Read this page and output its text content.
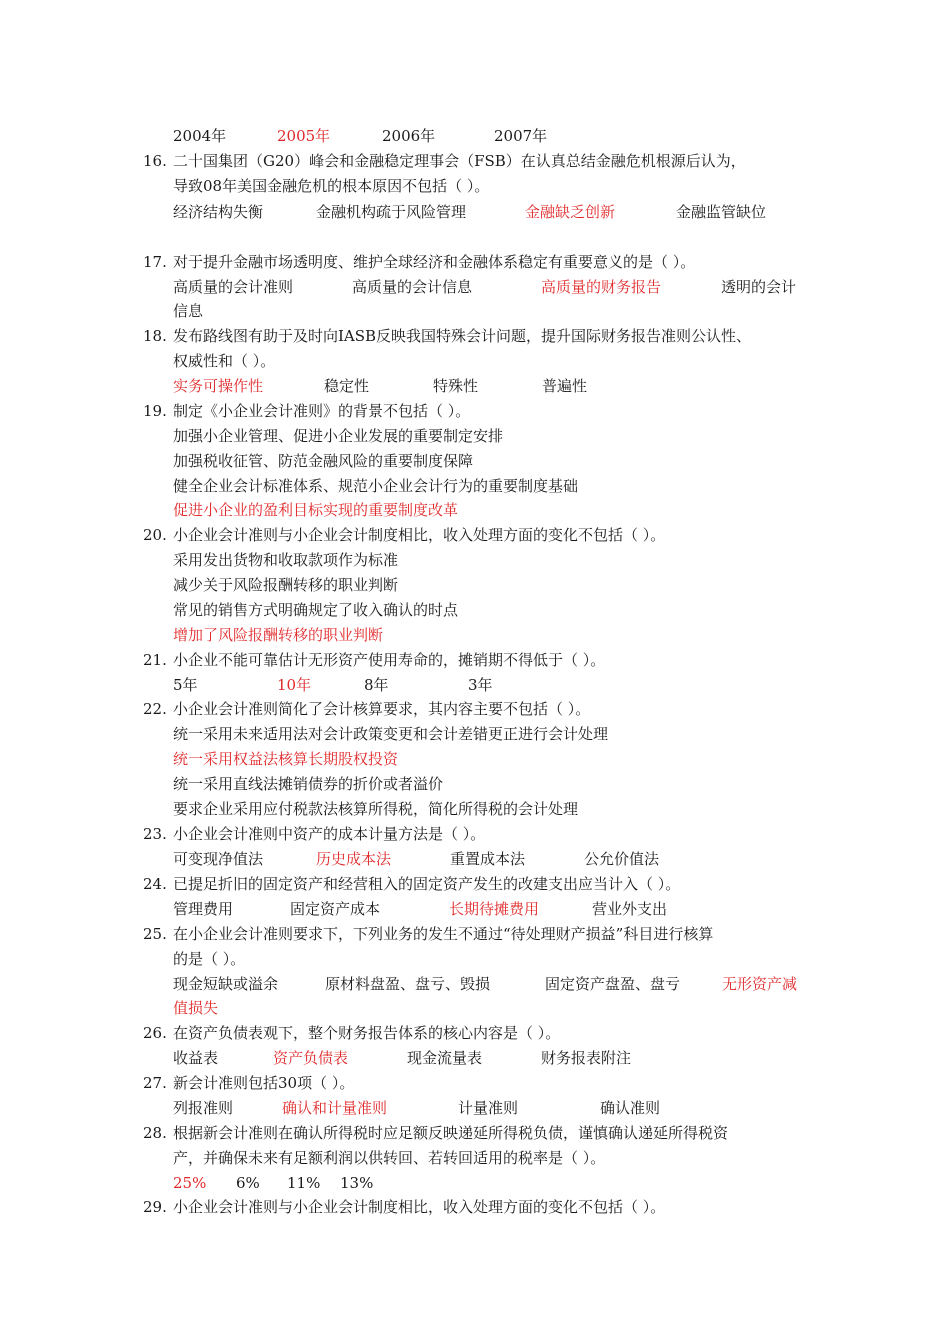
2004年	2005年	2006年	2007年
16. 二十国集团（G20）峰会和金融稳定理事会（FSB）在认真总结金融危机根源后认为，
导致08年美国金融危机的根本原因不包括（ ）。
经济结构失衡	金融机构疏于风险管理	金融缺乏创新	金融监管缺位
17. 对于提升金融市场透明度、维护全球经济和金融体系稳定有重要意义的是（ ）。
高质量的会计准则	高质量的会计信息	高质量的财务报告	透明的会计
信息
18. 发布路线图有助于及时向IASB反映我国特殊会计问题，提升国际财务报告准则公认性、
权威性和（ ）。
实务可操作性	稳定性	特殊性	普遍性
19. 制定《小企业会计准则》的背景不包括（ ）。
加强小企业管理、促进小企业发展的重要制定安排
加强税收征管、防范金融风险的重要制度保障
健全企业会计标准体系、规范小企业会计行为的重要制度基础
促进小企业的盈利目标实现的重要制度改革
20. 小企业会计准则与小企业会计制度相比，收入处理方面的变化不包括（ ）。
采用发出货物和收取款项作为标准
减少关于风险报酬转移的职业判断
常见的销售方式明确规定了收入确认的时点
增加了风险报酬转移的职业判断
21. 小企业不能可靠估计无形资产使用寿命的，摊销期不得低于（ ）。
5年	10年	8年	3年
22. 小企业会计准则简化了会计核算要求，其内容主要不包括（ ）。
统一采用未来适用法对会计政策变更和会计差错更正进行会计处理
统一采用权益法核算长期股权投资
统一采用直线法摊销债券的折价或者溢价
要求企业采用应付税款法核算所得税，简化所得税的会计处理
23. 小企业会计准则中资产的成本计量方法是（ ）。
可变现净值法	历史成本法	重置成本法	公允价值法
24. 已提足折旧的固定资产和经营租入的固定资产发生的改建支出应当计入（ ）。
管理费用	固定资产成本	长期待摊费用	营业外支出
25. 在小企业会计准则要求下，下列业务的发生不通过“待处理财产损益”科目进行核算
的是（ ）。
现金短缺或溢余	原材料盘盈、盘亏、毁损	固定资产盘盈、盘亏	无形资产减
值损失
26. 在资产负债表观下，整个财务报告体系的核心内容是（ ）。
收益表	资产负债表	现金流量表	财务报表附注
27. 新会计准则包括30项（ ）。
列报准则	确认和计量准则	计量准则	确认准则
28. 根据新会计准则在确认所得税时应足额反映递延所得税负债，谨慎确认递延所得税资
产，并确保未来有足额利润以供转回、若转回适用的税率是（ ）。
25% 6% 11% 13%
29. 小企业会计准则与小企业会计制度相比，收入处理方面的变化不包括（ ）。
